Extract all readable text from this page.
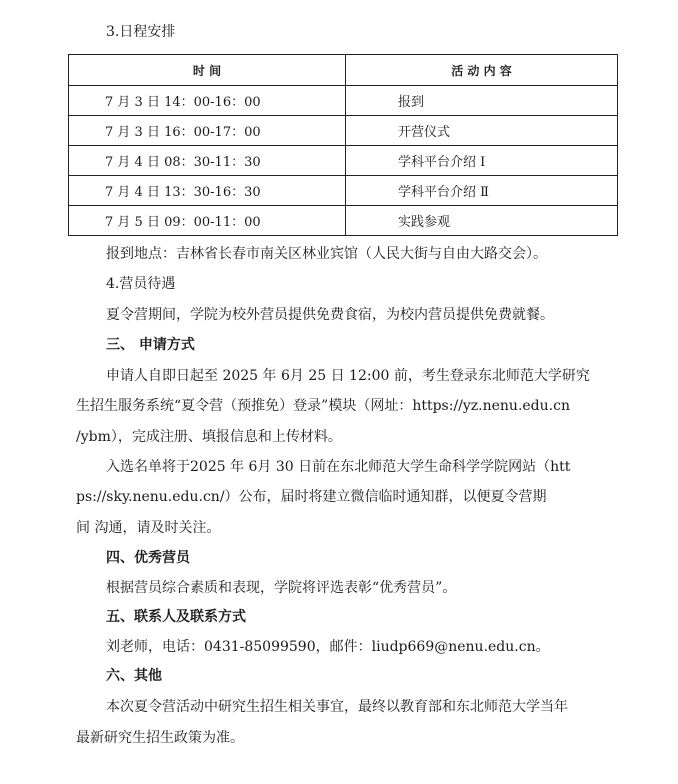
3.日程安排
时 间	活 动 内 容
7 月 3 日 14：00-16：00	报到
7 月 3 日 16：00-17：00	开营仪式
7 月 4 日 08：30-11：30	学科平台介绍 Ⅰ
7 月 4 日 13：30-16：30	学科平台介绍 Ⅱ
7 月 5 日 09：00-11：00	实践参观
报到地点：吉林省长春市南关区林业宾馆（人民大街与自由大路交会）。
4.营员待遇
夏令营期间，学院为校外营员提供免费食宿，为校内营员提供免费就餐。
三、 申请方式
申请人自即日起至 2025 年 6月 25 日 12:00 前，考生登录东北师范大学研究
生招生服务系统“夏令营（预推免）登录”模块（网址：https://yz.nenu.edu.cn
/ybm），完成注册、填报信息和上传材料。
入选名单将于2025 年 6月 30 日前在东北师范大学生命科学学院网站（htt
ps://sky.nenu.edu.cn/）公布，届时将建立微信临时通知群，以便夏令营期
间 沟通，请及时关注。
四、优秀营员
根据营员综合素质和表现，学院将评选表彰“优秀营员”。
五、联系人及联系方式
刘老师，电话：0431-85099590，邮件：liudp669@nenu.edu.cn。
六、其他
本次夏令营活动中研究生招生相关事宜，最终以教育部和东北师范大学当年
最新研究生招生政策为准。
